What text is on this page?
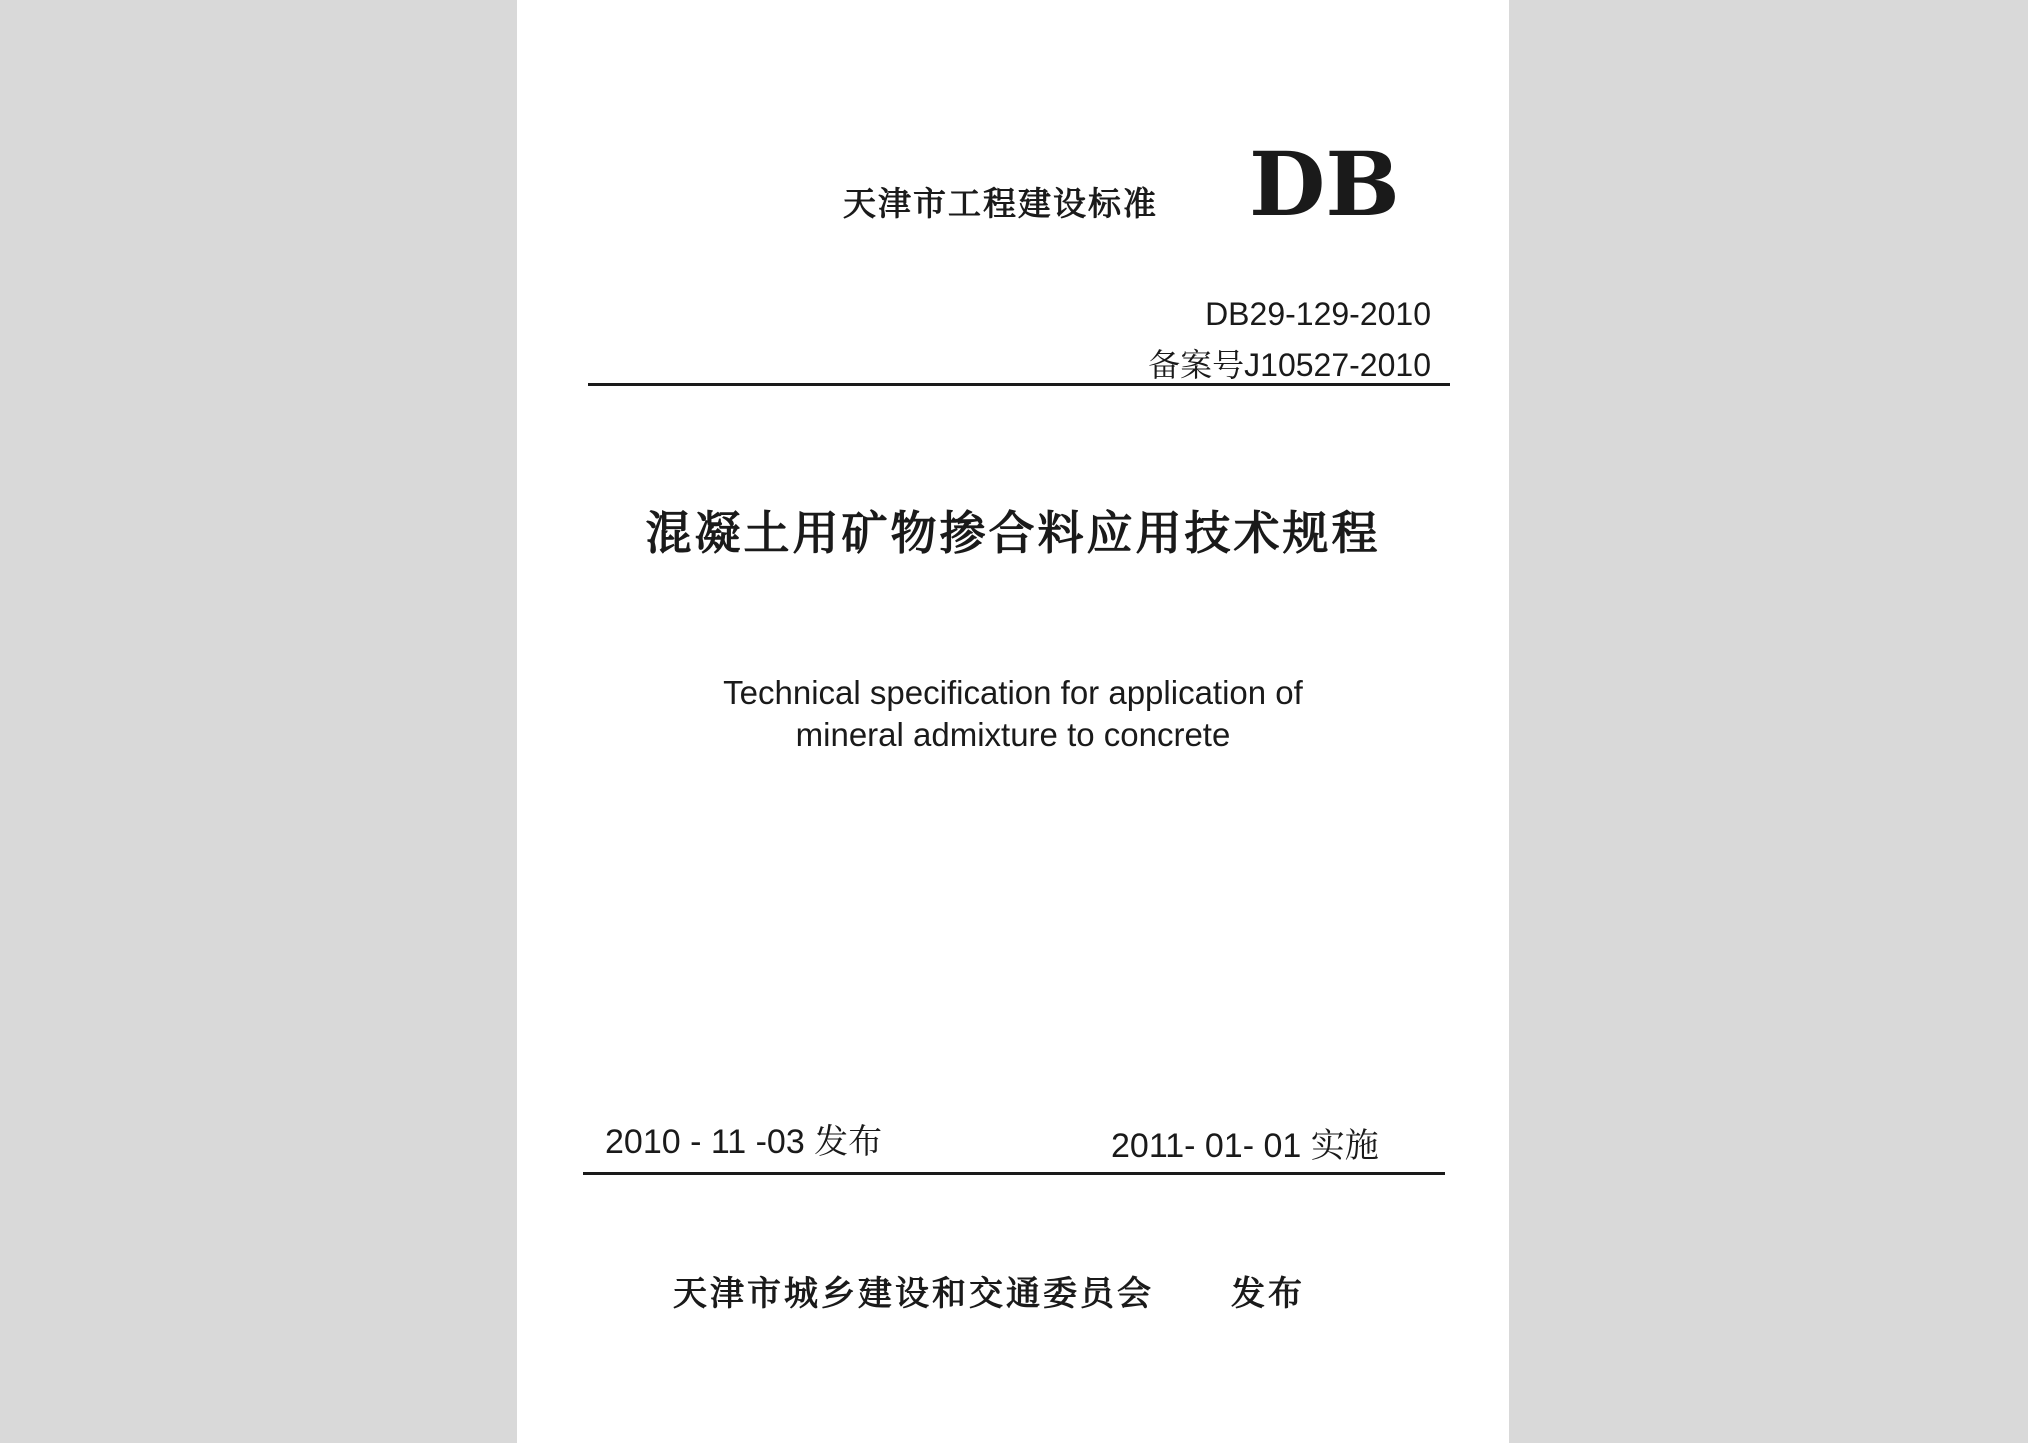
天津市工程建设标准 DB
DB29-129-2010
备案号J10527-2010
混凝土用矿物掺合料应用技术规程
Technical specification for application of
mineral admixture to concrete
2010 - 11 -03 发布	2011- 01- 01 实施
天津市城乡建设和交通委员会 发布
